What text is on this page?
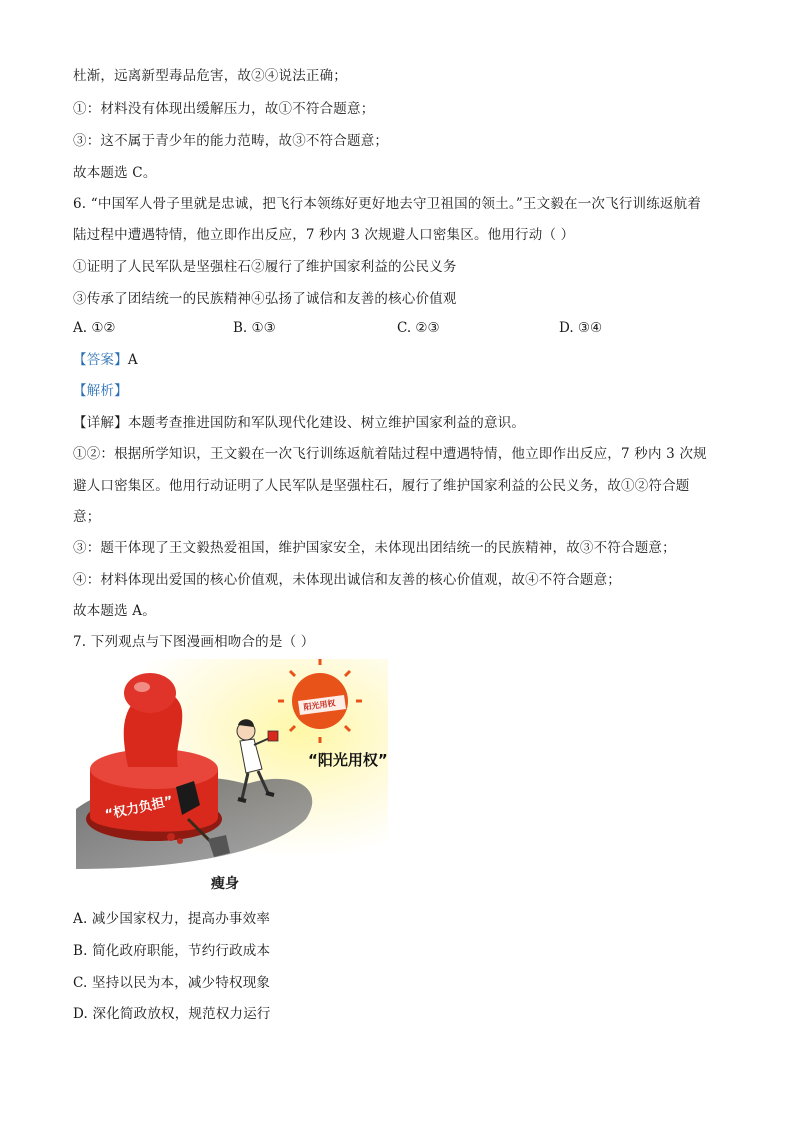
杜渐，远离新型毒品危害，故②④说法正确；
①：材料没有体现出缓解压力，故①不符合题意；
③：这不属于青少年的能力范畴，故③不符合题意；
故本题选 C。
6. “中国军人骨子里就是忠诚，把飞行本领练好更好地去守卫祖国的领土。”王文毅在一次飞行训练返航着
陆过程中遭遇特情，他立即作出反应，7 秒内 3 次规避人口密集区。他用行动（ ）
①证明了人民军队是坚强柱石②履行了维护国家利益的公民义务
③传承了团结统一的民族精神④弘扬了诚信和友善的核心价值观
A. ①②	B. ①③	C. ②③	D. ③④
【答案】A
【解析】
【详解】本题考查推进国防和军队现代化建设、树立维护国家利益的意识。
①②：根据所学知识，王文毅在一次飞行训练返航着陆过程中遭遇特情，他立即作出反应，7 秒内 3 次规
避人口密集区。他用行动证明了人民军队是坚强柱石，履行了维护国家利益的公民义务，故①②符合题
意；
③：题干体现了王文毅热爱祖国，维护国家安全，未体现出团结统一的民族精神，故③不符合题意；
④：材料体现出爱国的核心价值观，未体现出诚信和友善的核心价值观，故④不符合题意；
故本题选 A。
7. 下列观点与下图漫画相吻合的是（ ）
“权力负担”
阳光用权
“阳光用权”
瘦身
A. 减少国家权力，提高办事效率
B. 简化政府职能，节约行政成本
C. 坚持以民为本，减少特权现象
D. 深化简政放权，规范权力运行
